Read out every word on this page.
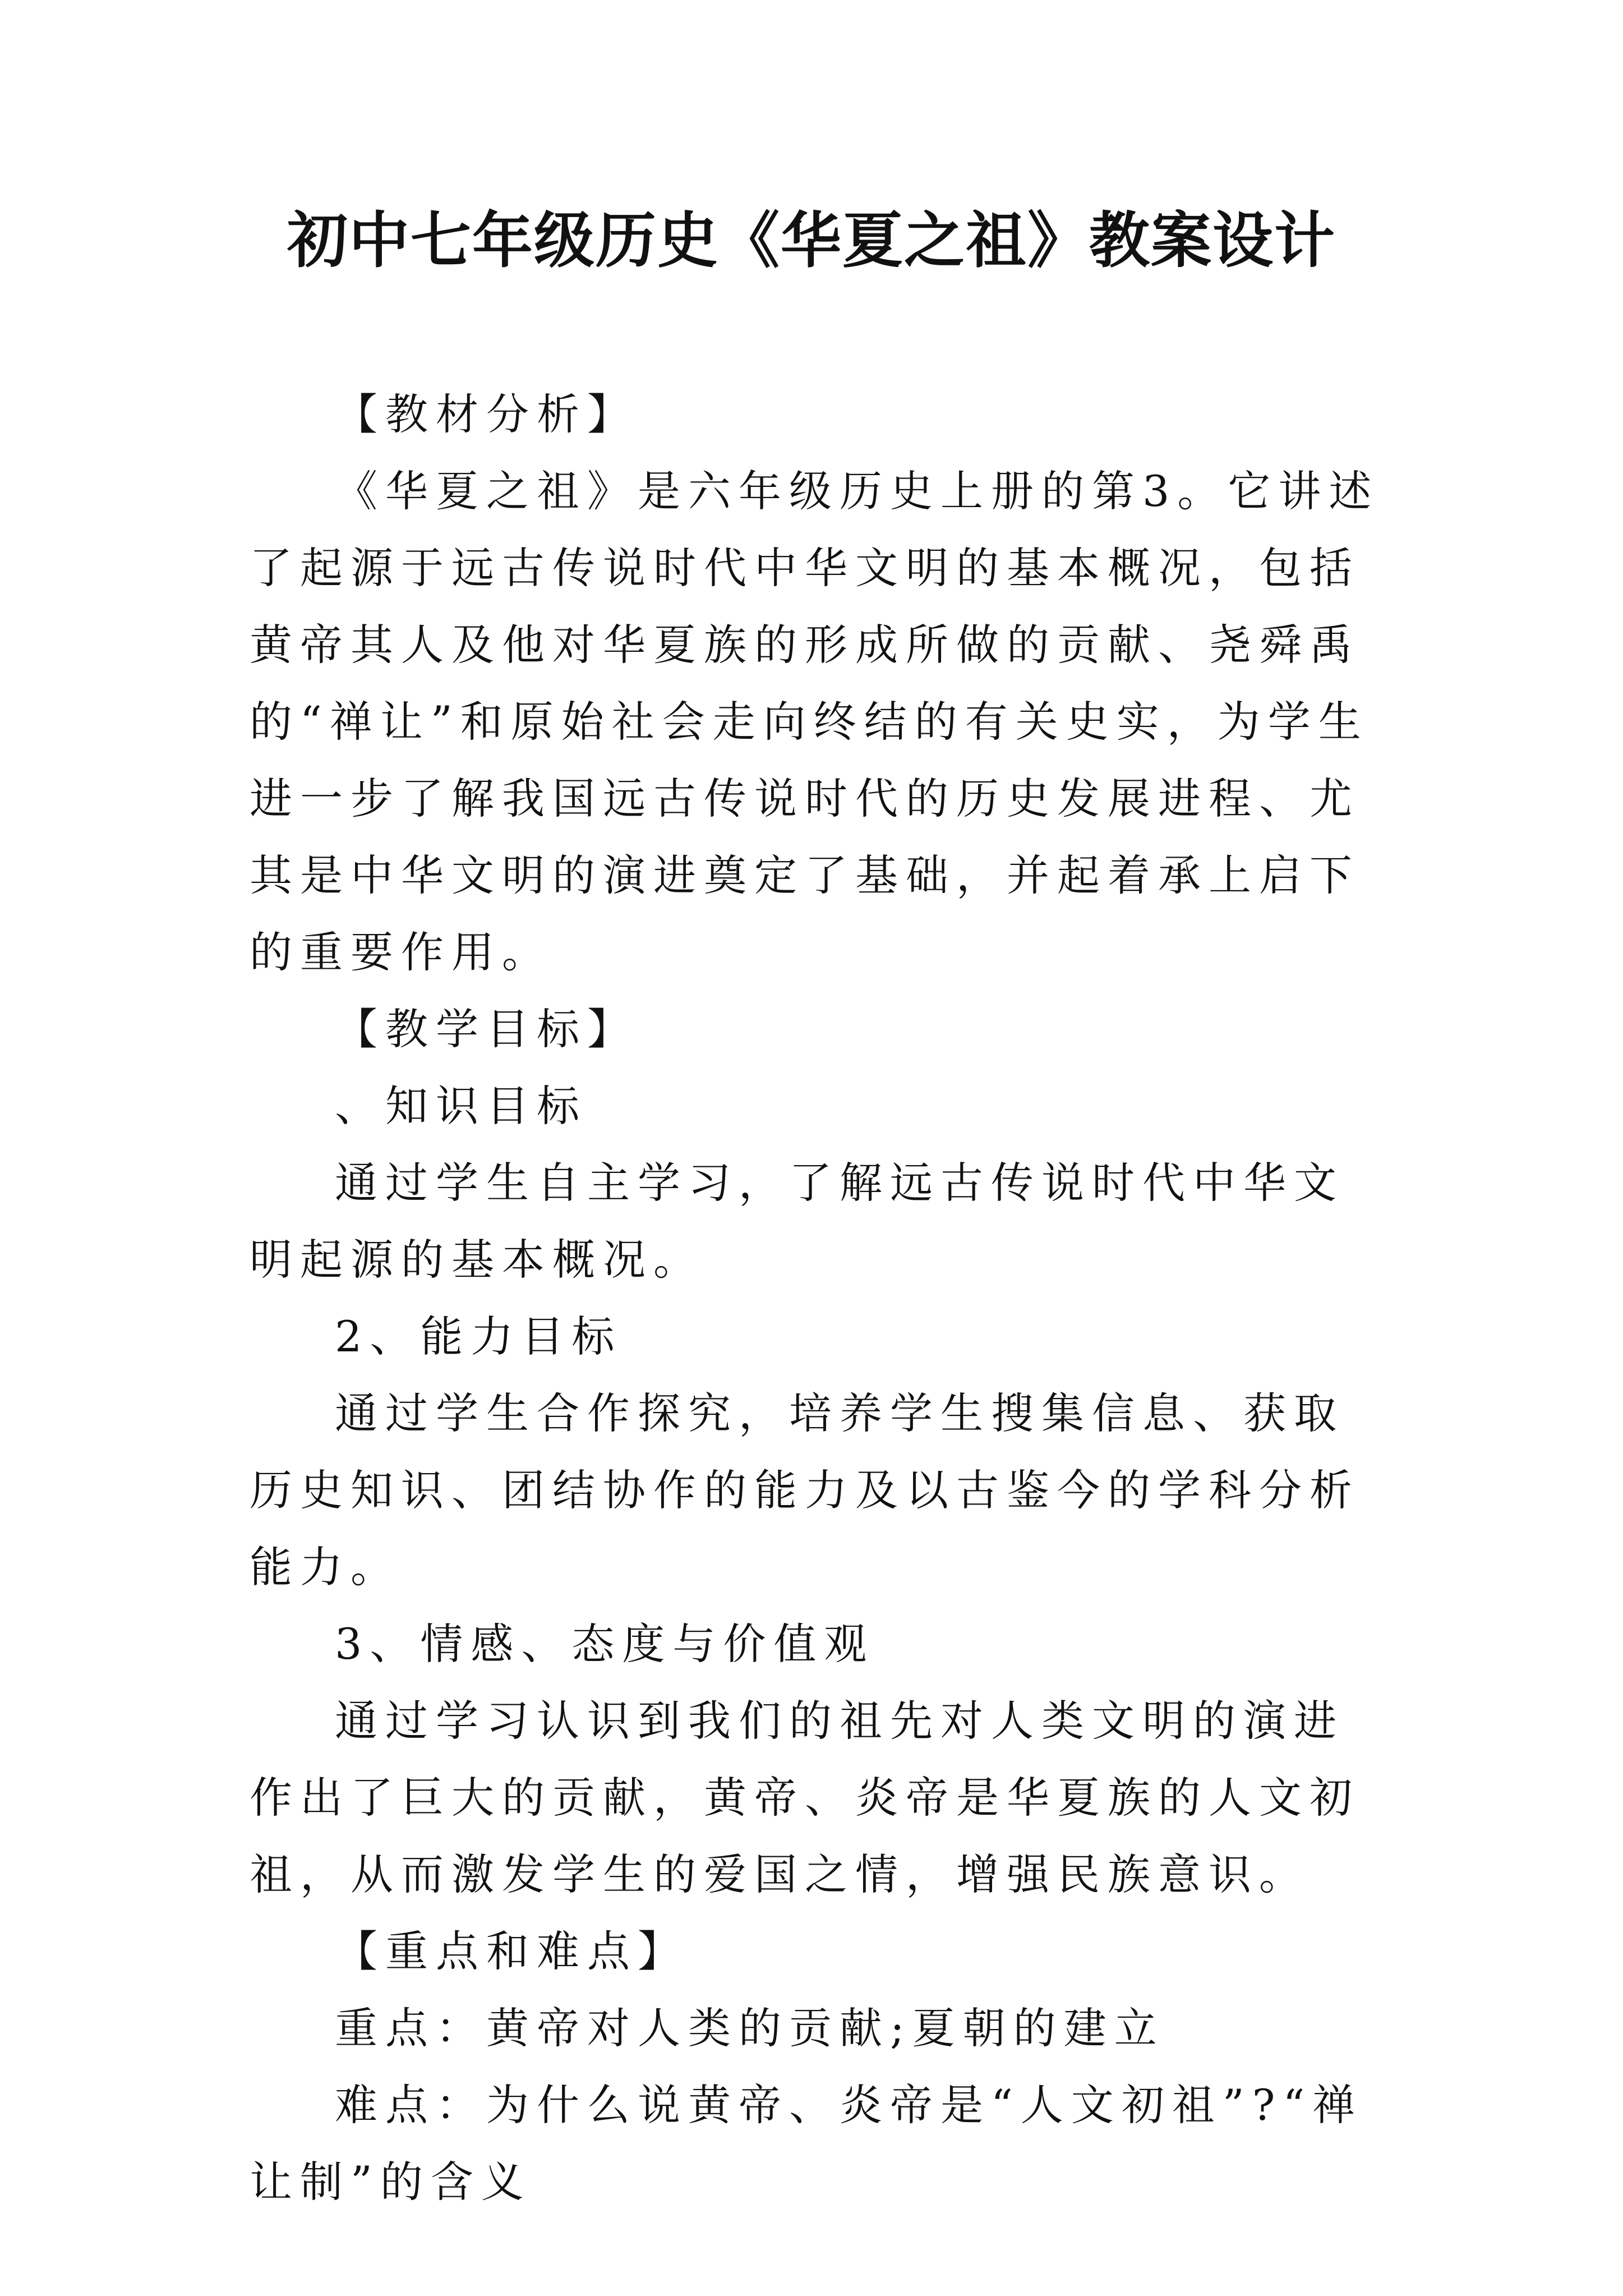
初中七年级历史《华夏之祖》教案设计

【教材分析】

《华夏之祖》是六年级历史上册的第3。它讲述了起源于远古传说时代中华文明的基本概况，包括黄帝其人及他对华夏族的形成所做的贡献、尧舜禹的“禅让”和原始社会走向终结的有关史实，为学生进一步了解我国远古传说时代的历史发展进程、尤其是中华文明的演进奠定了基础，并起着承上启下的重要作用。

【教学目标】

、知识目标

通过学生自主学习，了解远古传说时代中华文明起源的基本概况。

2、能力目标

通过学生合作探究，培养学生搜集信息、获取历史知识、团结协作的能力及以古鉴今的学科分析能力。

3、情感、态度与价值观

通过学习认识到我们的祖先对人类文明的演进作出了巨大的贡献，黄帝、炎帝是华夏族的人文初祖，从而激发学生的爱国之情，增强民族意识。

【重点和难点】

重点：黄帝对人类的贡献;夏朝的建立

难点：为什么说黄帝、炎帝是“人文初祖”?“禅让制”的含义
